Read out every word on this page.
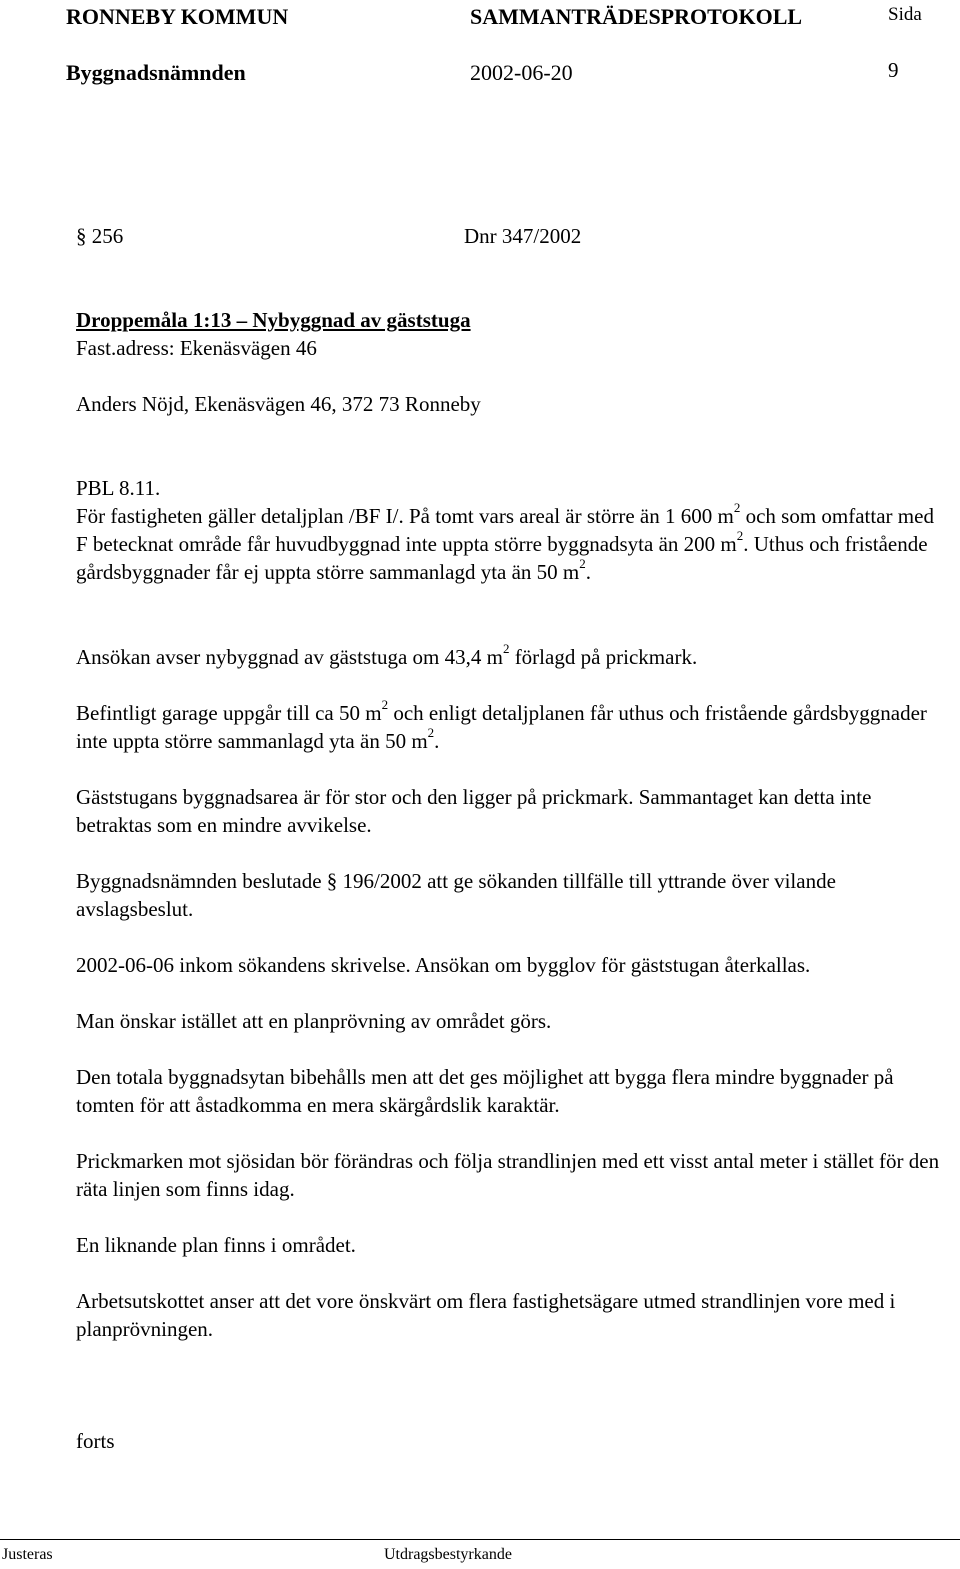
RONNEBY KOMMUN	SAMMANTRÄDESPROTOKOLL	Sida
Byggnadsnämnden	2002-06-20	9
§ 256	Dnr 347/2002
Droppemåla 1:13 – Nybyggnad av gäststuga
Fast.adress: Ekenäsvägen 46
Anders Nöjd, Ekenäsvägen 46, 372 73 Ronneby

PBL 8.11.

För fastigheten gäller detaljplan /BF I/. På tomt vars areal är större än 1 600 $m^2$ och som omfattar med F betecknat område får huvudbyggnad inte uppta större byggnadsyta än 200 $m^2$. Uthus och fristående gårdsbyggnader får ej uppta större sammanlagd yta än 50 $m^2$.

Ansökan avser nybyggnad av gäststuga om 43,4 $m^2$ förlagd på prickmark.

Befintligt garage uppgår till ca 50 $m^2$ och enligt detaljplanen får uthus och fristående gårdsbyggnader inte uppta större sammanlagd yta än 50 $m^2$.

Gäststugans byggnadsarea är för stor och den ligger på prickmark. Sammantaget kan detta inte betraktas som en mindre avvikelse.

Byggnadsnämnden beslutade § 196/2002 att ge sökanden tillfälle till yttrande över vilande avslagsbeslut.

2002-06-06 inkom sökandens skrivelse. Ansökan om bygglov för gäststugan återkallas.

Man önskar istället att en planprövning av området görs.

Den totala byggnadsytan bibehålls men att det ges möjlighet att bygga flera mindre byggnader på tomten för att åstadkomma en mera skärgårdslik karaktär.

Prickmarken mot sjösidan bör förändras och följa strandlinjen med ett visst antal meter i stället för den räta linjen som finns idag.

En liknande plan finns i området.

Arbetsutskottet anser att det vore önskvärt om flera fastighetsägare utmed strandlinjen vore med i planprövningen.

forts
Justeras	Utdragsbestyrkande
